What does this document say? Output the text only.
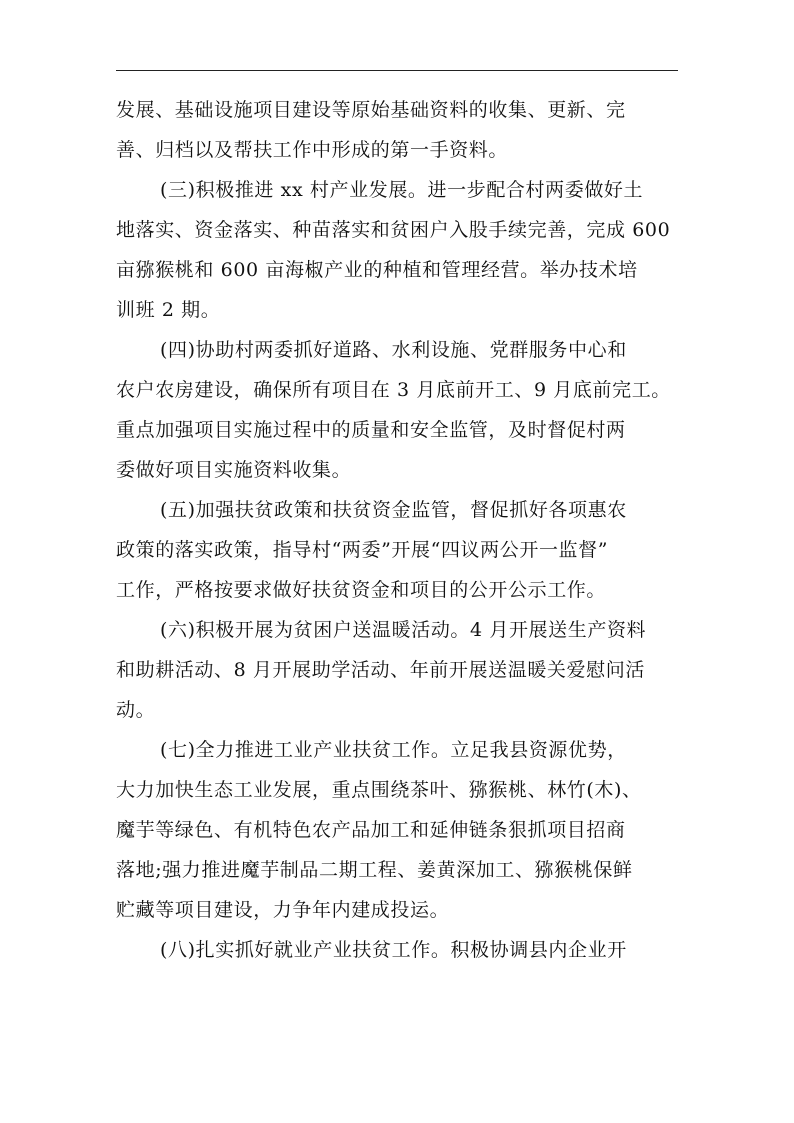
发展、基础设施项目建设等原始基础资料的收集、更新、完
善、归档以及帮扶工作中形成的第一手资料。
(三)积极推进 xx 村产业发展。进一步配合村两委做好土
地落实、资金落实、种苗落实和贫困户入股手续完善，完成 600
亩猕猴桃和 600 亩海椒产业的种植和管理经营。举办技术培
训班 2 期。
(四)协助村两委抓好道路、水利设施、党群服务中心和
农户农房建设，确保所有项目在 3 月底前开工、9 月底前完工。
重点加强项目实施过程中的质量和安全监管，及时督促村两
委做好项目实施资料收集。
(五)加强扶贫政策和扶贫资金监管，督促抓好各项惠农
政策的落实政策，指导村“两委”开展“四议两公开一监督”
工作，严格按要求做好扶贫资金和项目的公开公示工作。
(六)积极开展为贫困户送温暖活动。4 月开展送生产资料
和助耕活动、8 月开展助学活动、年前开展送温暖关爱慰问活
动。
(七)全力推进工业产业扶贫工作。立足我县资源优势，
大力加快生态工业发展，重点围绕茶叶、猕猴桃、林竹(木)、
魔芋等绿色、有机特色农产品加工和延伸链条狠抓项目招商
落地;强力推进魔芋制品二期工程、姜黄深加工、猕猴桃保鲜
贮藏等项目建设，力争年内建成投运。
(八)扎实抓好就业产业扶贫工作。积极协调县内企业开
